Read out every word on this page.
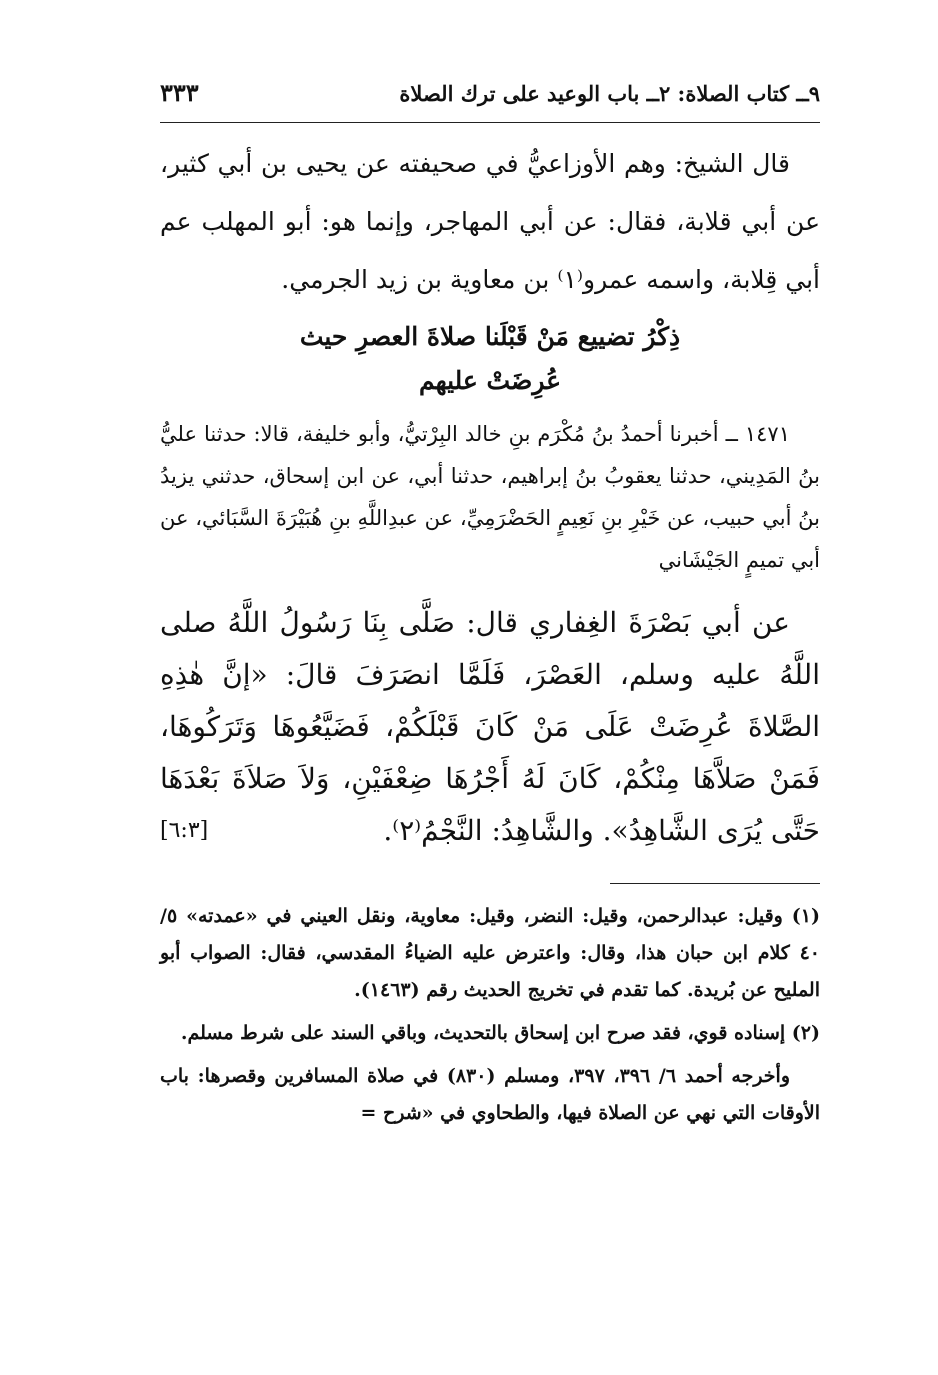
٩ــ كتاب الصلاة: ٢ــ باب الوعيد على ترك الصلاة
٣٣٣

قال الشيخ: وهم الأوزاعيُّ في صحيفته عن يحيى بن أبي كثير، عن أبي قلابة، فقال: عن أبي المهاجر، وإنما هو: أبو المهلب عم أبي قِلابة، واسمه عمرو⁽١⁾ بن معاوية بن زيد الجرمي.

ذِكْرُ تضييع مَنْ قَبْلَنا صلاةَ العصرِ حيث
عُرِضَتْ عليهم

١٤٧١ ــ أخبرنا أحمدُ بنُ مُكْرَم بنِ خالد البِرْتيُّ، وأبو خليفة، قالا: حدثنا عليُّ بنُ المَدِيني، حدثنا يعقوبُ بنُ إبراهيم، حدثنا أبي، عن ابن إسحاق، حدثني يزيدُ بنُ أبي حبيب، عن خَيْرِ بنِ نَعِيمٍ الحَضْرَمِيِّ، عن عبدِاللَّهِ بنِ هُبَيْرَةَ السَّبَائي، عن أبي تميمٍ الجَيْشَاني

عن أبي بَصْرَةَ الغِفاري قال: صَلَّى بِنَا رَسُولُ اللَّهُ صلى اللَّهُ عليه وسلم، العَصْرَ، فَلَمَّا انصَرَفَ قالَ: «إنَّ هٰذِهِ الصَّلاةَ عُرِضَتْ عَلَى مَنْ كَانَ قَبْلَكُمْ، فَضَيَّعُوهَا وَتَرَكُوهَا، فَمَنْ صَلاَّهَا مِنْكُمْ، كَانَ لَهُ أَجْرُهَا ضِعْفَيْنِ، وَلاَ صَلاَةَ بَعْدَهَا حَتَّى يُرَى الشَّاهِدُ». والشَّاهِدُ: النَّجْمُ⁽٢⁾.
[٦:٣]

(١) وقيل: عبدالرحمن، وقيل: النضر، وقيل: معاوية، ونقل العيني في «عمدته» ٥/ ٤٠ كلام ابن حبان هذا، وقال: واعترض عليه الضياءُ المقدسي، فقال: الصواب أبو المليح عن بُريدة. كما تقدم في تخريج الحديث رقم (١٤٦٣).

(٢) إسناده قوي، فقد صرح ابن إسحاق بالتحديث، وباقي السند على شرط مسلم.

وأخرجه أحمد ٦/ ٣٩٦، ٣٩٧، ومسلم (٨٣٠) في صلاة المسافرين وقصرها: باب الأوقات التي نهي عن الصلاة فيها، والطحاوي في «شرح =
